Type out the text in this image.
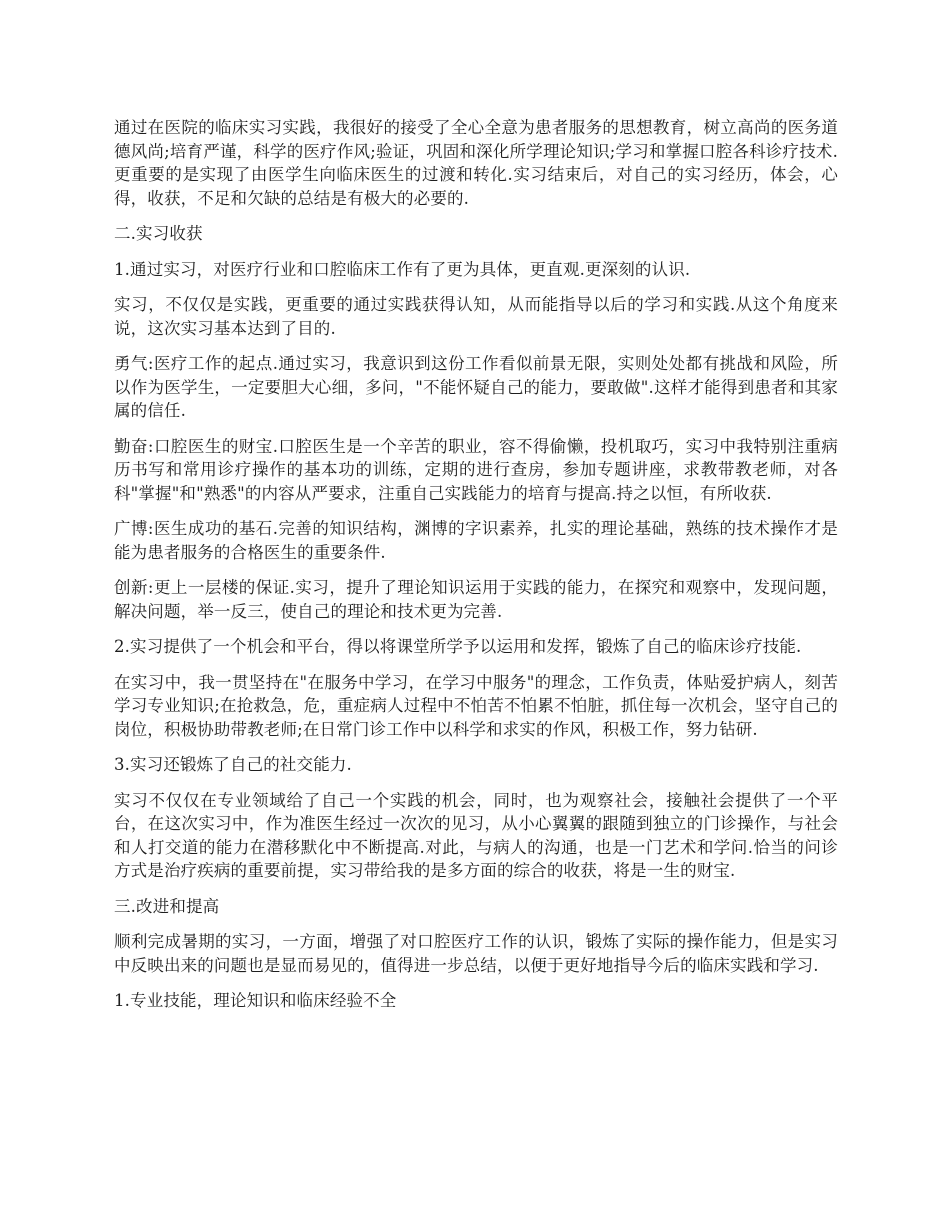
通过在医院的临床实习实践，我很好的接受了全心全意为患者服务的思想教育，树立高尚的医务道德风尚;培育严谨，科学的医疗作风;验证，巩固和深化所学理论知识;学习和掌握口腔各科诊疗技术.更重要的是实现了由医学生向临床医生的过渡和转化.实习结束后，对自己的实习经历，体会，心得，收获，不足和欠缺的总结是有极大的必要的.

二.实习收获

1.通过实习，对医疗行业和口腔临床工作有了更为具体，更直观.更深刻的认识.

实习，不仅仅是实践，更重要的通过实践获得认知，从而能指导以后的学习和实践.从这个角度来说，这次实习基本达到了目的.

勇气:医疗工作的起点.通过实习，我意识到这份工作看似前景无限，实则处处都有挑战和风险，所以作为医学生，一定要胆大心细，多问，"不能怀疑自己的能力，要敢做".这样才能得到患者和其家属的信任.

勤奋:口腔医生的财宝.口腔医生是一个辛苦的职业，容不得偷懒，投机取巧，实习中我特别注重病历书写和常用诊疗操作的基本功的训练，定期的进行查房，参加专题讲座，求教带教老师，对各科"掌握"和"熟悉"的内容从严要求，注重自己实践能力的培育与提高.持之以恒，有所收获.

广博:医生成功的基石.完善的知识结构，渊博的字识素养，扎实的理论基础，熟练的技术操作才是能为患者服务的合格医生的重要条件.

创新:更上一层楼的保证.实习，提升了理论知识运用于实践的能力，在探究和观察中，发现问题，解决问题，举一反三，使自己的理论和技术更为完善.

2.实习提供了一个机会和平台，得以将课堂所学予以运用和发挥，锻炼了自己的临床诊疗技能.

在实习中，我一贯坚持在"在服务中学习，在学习中服务"的理念，工作负责，体贴爱护病人，刻苦学习专业知识;在抢救急，危，重症病人过程中不怕苦不怕累不怕脏，抓住每一次机会，坚守自己的岗位，积极协助带教老师;在日常门诊工作中以科学和求实的作风，积极工作，努力钻研.

3.实习还锻炼了自己的社交能力.

实习不仅仅在专业领域给了自己一个实践的机会，同时，也为观察社会，接触社会提供了一个平台，在这次实习中，作为准医生经过一次次的见习，从小心翼翼的跟随到独立的门诊操作，与社会和人打交道的能力在潜移默化中不断提高.对此，与病人的沟通，也是一门艺术和学问.恰当的问诊方式是治疗疾病的重要前提，实习带给我的是多方面的综合的收获，将是一生的财宝.

三.改进和提高

顺利完成暑期的实习，一方面，增强了对口腔医疗工作的认识，锻炼了实际的操作能力，但是实习中反映出来的问题也是显而易见的，值得进一步总结，以便于更好地指导今后的临床实践和学习.

1.专业技能，理论知识和临床经验不全
